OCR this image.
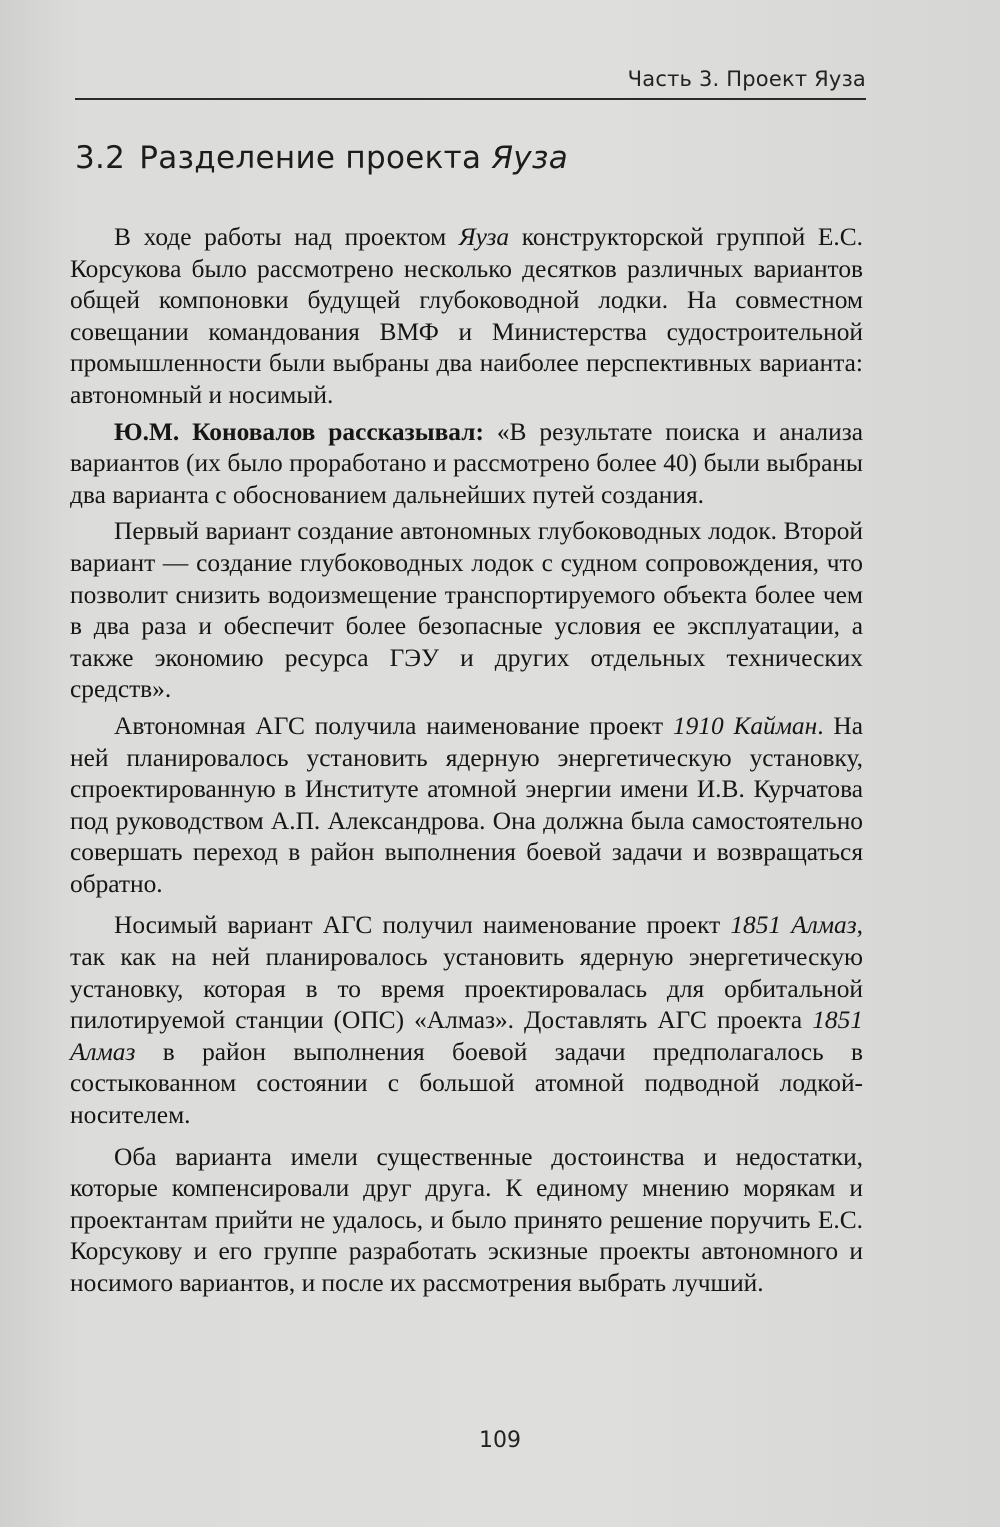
Часть 3. Проект Яуза
3.2 Разделение проекта Яуза

В ходе работы над проектом Яуза конструкторской группой Е.С. Корсукова было рассмотрено несколько десятков различных вариантов общей компоновки будущей глубоководной лодки. На совместном совещании командования ВМФ и Министерства судостроительной промышленности были выбраны два наиболее перспективных варианта: автономный и носимый.

Ю.М. Коновалов рассказывал: «В результате поиска и анализа вариантов (их было проработано и рассмотрено более 40) были выбраны два варианта с обоснованием дальнейших путей создания.

Первый вариант создание автономных глубоководных лодок. Второй вариант — создание глубоководных лодок с судном сопровождения, что позволит снизить водоизмещение транспортируемого объекта более чем в два раза и обеспечит более безопасные условия ее эксплуатации, а также экономию ресурса ГЭУ и других отдельных технических средств».

Автономная АГС получила наименование проект 1910 Кайман. На ней планировалось установить ядерную энергетическую установку, спроектированную в Институте атомной энергии имени И.В. Курчатова под руководством А.П. Александрова. Она должна была самостоятельно совершать переход в район выполнения боевой задачи и возвращаться обратно.

Носимый вариант АГС получил наименование проект 1851 Алмаз, так как на ней планировалось установить ядерную энергетическую установку, которая в то время проектировалась для орбитальной пилотируемой станции (ОПС) «Алмаз». Доставлять АГС проекта 1851 Алмаз в район выполнения боевой задачи предполагалось в состыкованном состоянии с большой атомной подводной лодкой-носителем.

Оба варианта имели существенные достоинства и недостатки, которые компенсировали друг друга. К единому мнению морякам и проектантам прийти не удалось, и было принято решение поручить Е.С. Корсукову и его группе разработать эскизные проекты автономного и носимого вариантов, и после их рассмотрения выбрать лучший.

109
